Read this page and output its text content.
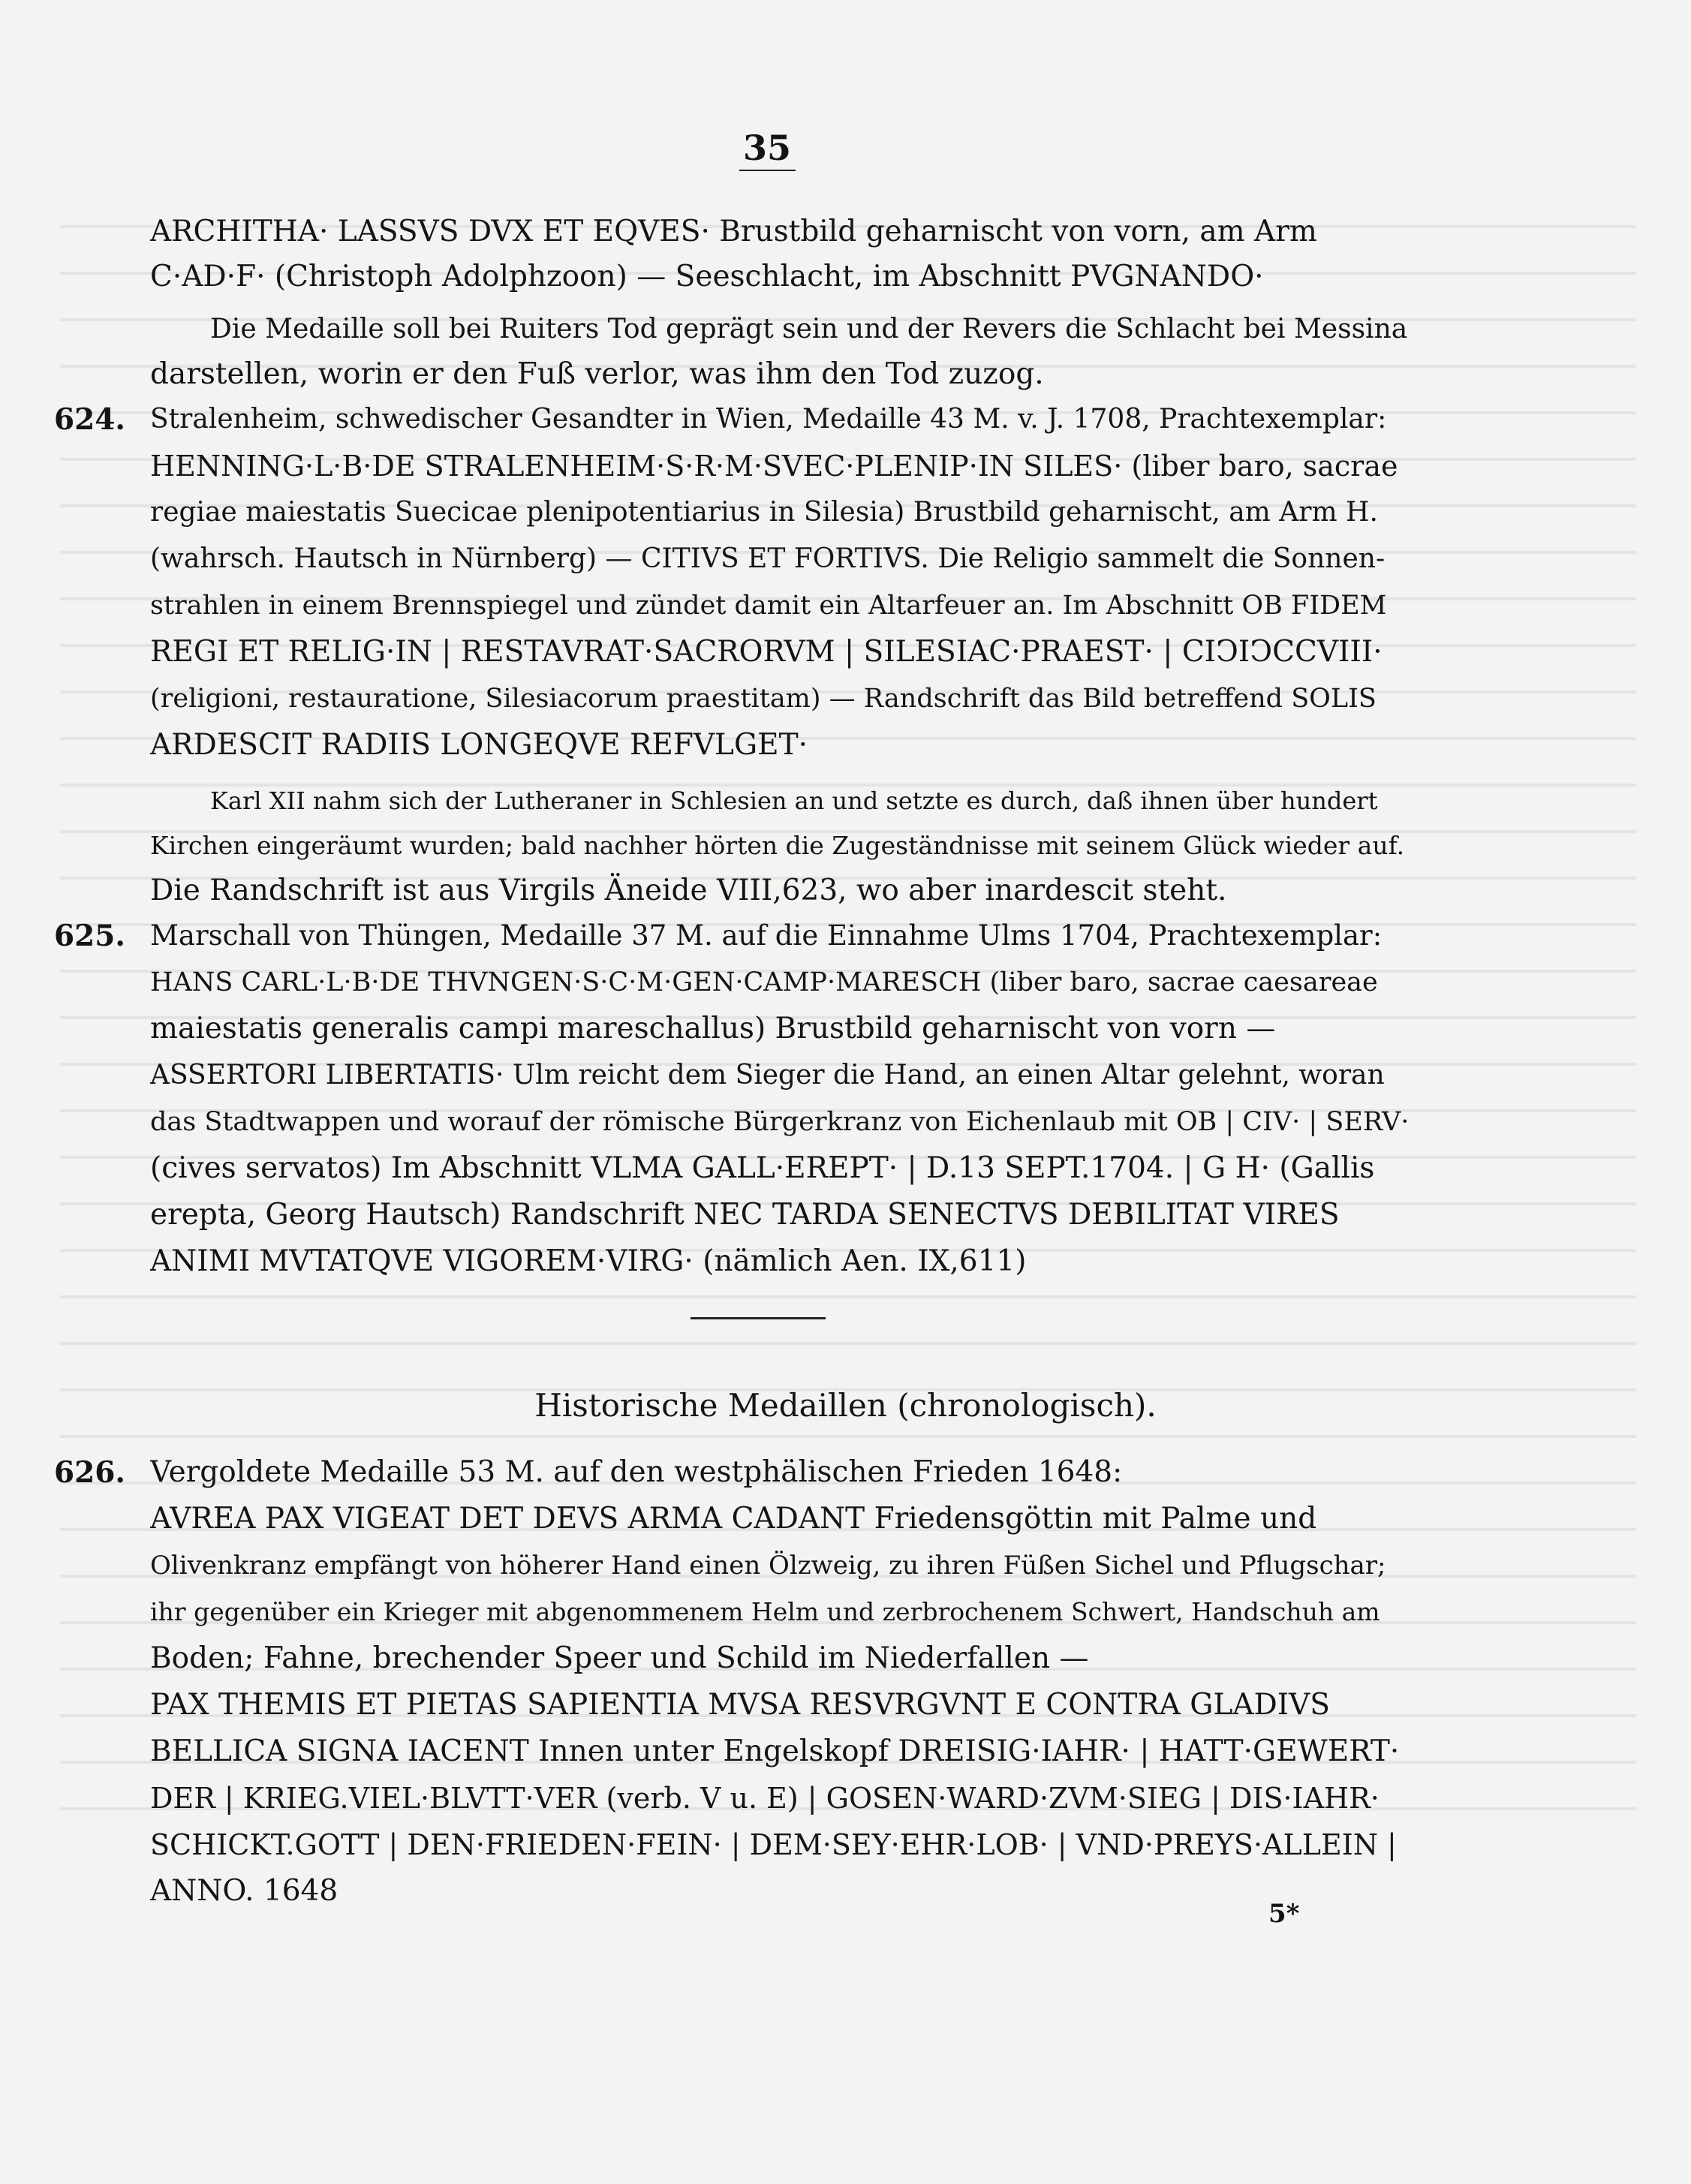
35
ARCHITHA· LASSVS DVX ET EQVES· Brustbild geharnischt von vorn, am Arm
C·AD·F· (Christoph Adolphzoon) — Seeschlacht, im Abschnitt PVGNANDO·
Die Medaille soll bei Ruiters Tod geprägt sein und der Revers die Schlacht bei Messina
darstellen, worin er den Fuß verlor, was ihm den Tod zuzog.
624. Stralenheim, schwedischer Gesandter in Wien, Medaille 43 M. v. J. 1708, Prachtexemplar:
HENNING·L·B·DE STRALENHEIM·S·R·M·SVEC·PLENIP·IN SILES· (liber baro, sacrae
regiae maiestatis Suecicae plenipotentiarius in Silesia) Brustbild geharnischt, am Arm H.
(wahrsch. Hautsch in Nürnberg) — CITIVS ET FORTIVS. Die Religio sammelt die Sonnen-
strahlen in einem Brennspiegel und zündet damit ein Altarfeuer an. Im Abschnitt OB FIDEM
REGI ET RELIG·IN | RESTAVRAT·SACRORVM | SILESIAC·PRAEST· | CIↃIↃCCVIII·
(religioni, restauratione, Silesiacorum praestitam) — Randschrift das Bild betreffend SOLIS
ARDESCIT RADIIS LONGEQVE REFVLGET·
Karl XII nahm sich der Lutheraner in Schlesien an und setzte es durch, daß ihnen über hundert
Kirchen eingeräumt wurden; bald nachher hörten die Zugeständnisse mit seinem Glück wieder auf.
Die Randschrift ist aus Virgils Äneide VIII,623, wo aber inardescit steht.
625. Marschall von Thüngen, Medaille 37 M. auf die Einnahme Ulms 1704, Prachtexemplar:
HANS CARL·L·B·DE THVNGEN·S·C·M·GEN·CAMP·MARESCH (liber baro, sacrae caesareae
maiestatis generalis campi mareschallus) Brustbild geharnischt von vorn —
ASSERTORI LIBERTATIS· Ulm reicht dem Sieger die Hand, an einen Altar gelehnt, woran
das Stadtwappen und worauf der römische Bürgerkranz von Eichenlaub mit OB | CIV· | SERV·
(cives servatos) Im Abschnitt VLMA GALL·EREPT· | D.13 SEPT.1704. | G H· (Gallis
erepta, Georg Hautsch) Randschrift NEC TARDA SENECTVS DEBILITAT VIRES
ANIMI MVTATQVE VIGOREM·VIRG· (nämlich Aen. IX,611)
Historische Medaillen (chronologisch).
626. Vergoldete Medaille 53 M. auf den westphälischen Frieden 1648:
AVREA PAX VIGEAT DET DEVS ARMA CADANT Friedensgöttin mit Palme und
Olivenkranz empfängt von höherer Hand einen Ölzweig, zu ihren Füßen Sichel und Pflugschar;
ihr gegenüber ein Krieger mit abgenommenem Helm und zerbrochenem Schwert, Handschuh am
Boden; Fahne, brechender Speer und Schild im Niederfallen —
PAX THEMIS ET PIETAS SAPIENTIA MVSA RESVRGVNT E CONTRA GLADIVS
BELLICA SIGNA IACENT Innen unter Engelskopf DREISIG·IAHR· | HATT·GEWERT·
DER | KRIEG.VIEL·BLVTT·VER (verb. V u. E) | GOSEN·WARD·ZVM·SIEG | DIS·IAHR·
SCHICKT.GOTT | DEN·FRIEDEN·FEIN· | DEM·SEY·EHR·LOB· | VND·PREYS·ALLEIN |
ANNO. 1648
5*
